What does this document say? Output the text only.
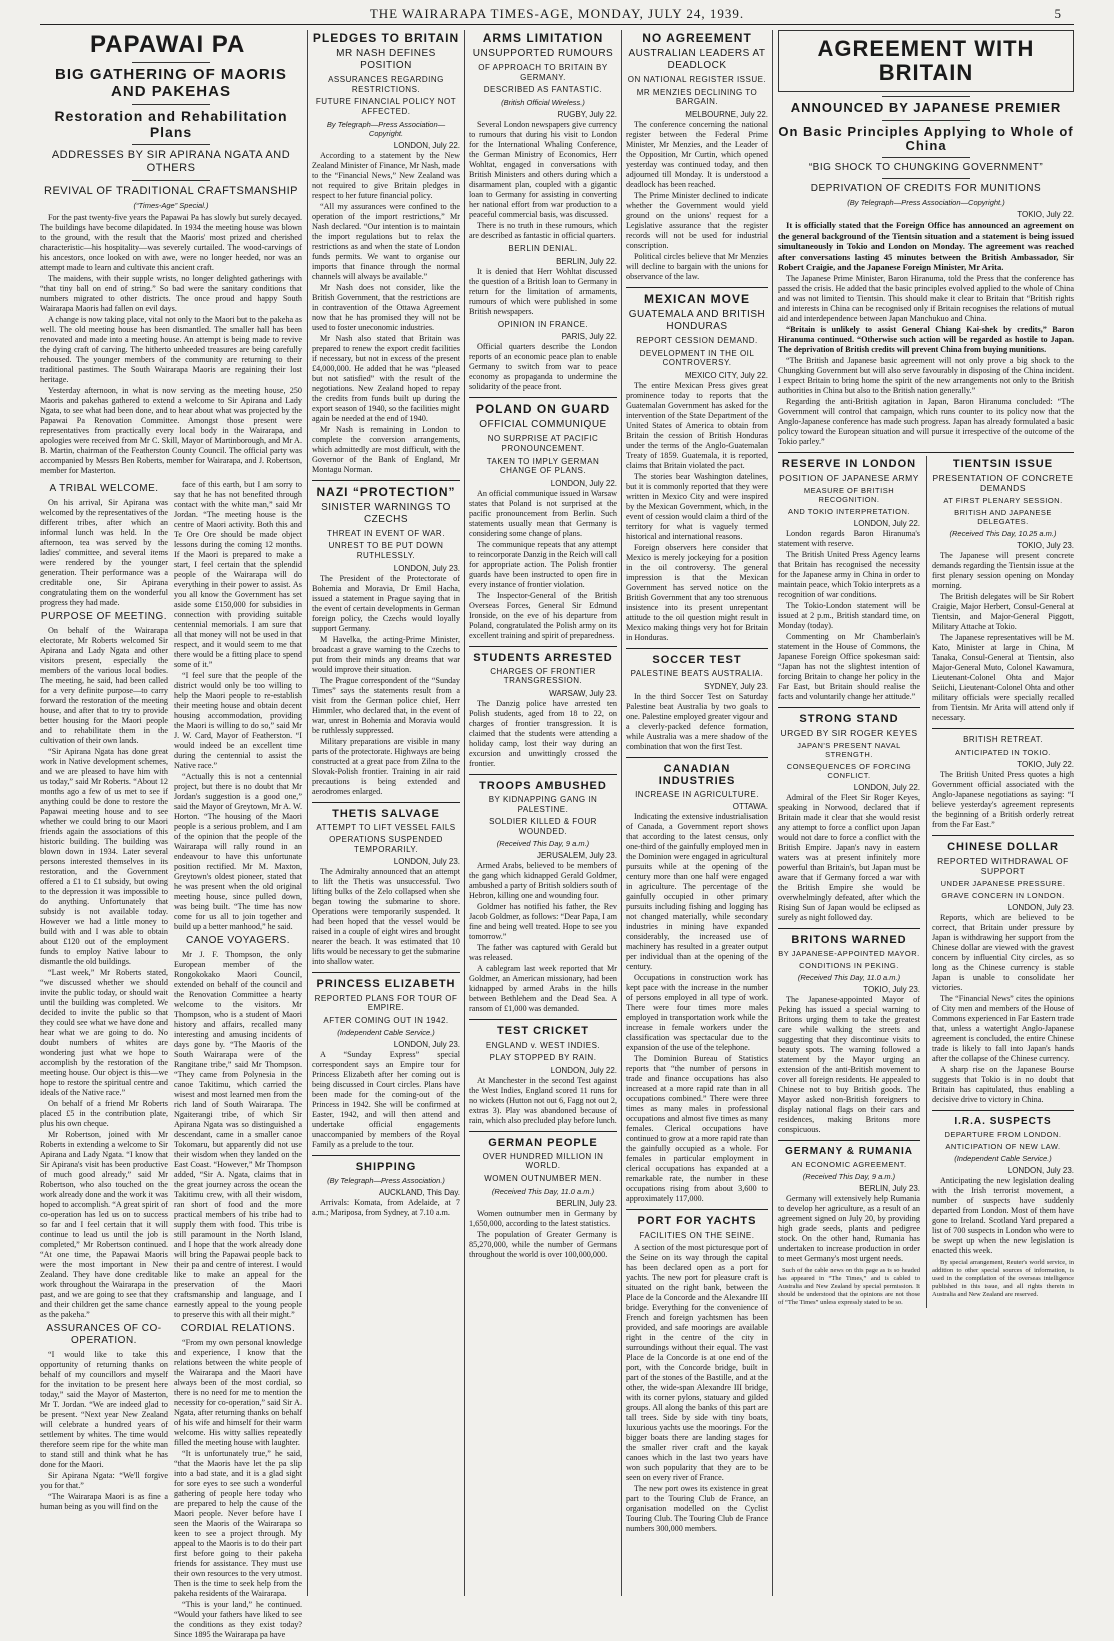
THE WAIRARAPA TIMES-AGE, MONDAY, JULY 24, 1939.	5
PAPAWAI PA
BIG GATHERING OF MAORIS AND PAKEHAS
Restoration and Rehabilitation Plans
ADDRESSES BY SIR APIRANA NGATA AND OTHERS
REVIVAL OF TRADITIONAL CRAFTSMANSHIP
(“Times-Age” Special.)

For the past twenty-five years the Papawai Pa has slowly but surely decayed. The buildings have become dilapidated. In 1934 the meeting house was blown to the ground, with the result that the Maoris' most prized and cherished characteristic—his hospitality—was severely curtailed. The wood-carvings of his ancestors, once looked on with awe, were no longer heeded, nor was an attempt made to learn and cultivate this ancient craft.

The maidens, with their supple wrists, no longer delighted gatherings with “that tiny ball on end of string.” So bad were the sanitary conditions that numbers migrated to other districts. The once proud and happy South Wairarapa Maoris had fallen on evil days.

A change is now taking place, vital not only to the Maori but to the pakeha as well. The old meeting house has been dismantled. The smaller hall has been renovated and made into a meeting house. An attempt is being made to revive the dying craft of carving. The hitherto unheeded treasures are being carefully rehoused. The younger members of the community are returning to their traditional pastimes. The South Wairarapa Maoris are regaining their lost heritage.

Yesterday afternoon, in what is now serving as the meeting house, 250 Maoris and pakehas gathered to extend a welcome to Sir Apirana and Lady Ngata, to see what had been done, and to hear about what was projected by the Papawai Pa Renovation Committee. Amongst those present were representatives from practically every local body in the Wairarapa, and apologies were received from Mr C. Skill, Mayor of Martinborough, and Mr A. B. Martin, chairman of the Featherston County Council. The official party was accompanied by Messrs Ben Roberts, member for Wairarapa, and J. Robertson, member for Masterton.

A TRIBAL WELCOME.

On his arrival, Sir Apirana was welcomed by the representatives of the different tribes, after which an informal lunch was held. In the afternoon, tea was served by the ladies' committee, and several items were rendered by the younger generation. Their performance was a creditable one, Sir Apirana congratulating them on the wonderful progress they had made.

PURPOSE OF MEETING.

On behalf of the Wairarapa electorate, Mr Roberts welcomed Sir Apirana and Lady Ngata and other visitors present, especially the members of the various local bodies. The meeting, he said, had been called for a very definite purpose—to carry forward the restoration of the meeting house, and after that to try to provide better housing for the Maori people and to rehabilitate them in the cultivation of their own lands.

“Sir Apirana Ngata has done great work in Native development schemes, and we are pleased to have him with us today,” said Mr Roberts. “About 12 months ago a few of us met to see if anything could be done to restore the Papawai meeting house and to see whether we could bring to our Maori friends again the associations of this historic building. The building was blown down in 1934. Later several persons interested themselves in its restoration, and the Government offered a £1 to £1 subsidy, but owing to the depression it was impossible to do anything. Unfortunately that subsidy is not available today. However we had a little money to build with and I was able to obtain about £120 out of the employment funds to employ Native labour to dismantle the old buildings.

“Last week,” Mr Roberts stated, “we discussed whether we should invite the public today, or should wait until the building was completed. We decided to invite the public so that they could see what we have done and hear what we are going to do. No doubt numbers of whites are wondering just what we hope to accomplish by the restoration of the meeting house. Our object is this—we hope to restore the spiritual centre and ideals of the Native race.”

On behalf of a friend Mr Roberts placed £5 in the contribution plate, plus his own cheque.

Mr Robertson, joined with Mr Roberts in extending a welcome to Sir Apirana and Lady Ngata. “I know that Sir Apirana's visit has been productive of much good already,” said Mr Robertson, who also touched on the work already done and the work it was hoped to accomplish. “A great spirit of co-operation has led us on to success so far and I feel certain that it will continue to lead us until the job is completed,” Mr Robertson continued. “At one time, the Papawai Maoris were the most important in New Zealand. They have done creditable work throughout the Wairarapa in the past, and we are going to see that they and their children get the same chance as the pakeha.”

ASSURANCES OF CO-OPERATION.

“I would like to take this opportunity of returning thanks on behalf of my councillors and myself for the invitation to be present here today,” said the Mayor of Masterton, Mr T. Jordan. “We are indeed glad to be present. “Next year New Zealand will celebrate a hundred years of settlement by whites. The time would therefore seem ripe for the white man to stand still and think what he has done for the Maori.

Sir Apirana Ngata: “We'll forgive you for that.”

“The Wairarapa Maori is as fine a human being as you will find on the

face of this earth, but I am sorry to say that he has not benefited through contact with the white man,” said Mr Jordan. “The meeting house is the centre of Maori activity. Both this and Te Ore Ore should be made object lessons during the coming 12 months. If the Maori is prepared to make a start, I feel certain that the splendid people of the Wairarapa will do everything in their power to assist. As you all know the Government has set aside some £150,000 for subsidies in connection with providing suitable centennial memorials. I am sure that all that money will not be used in that respect, and it would seem to me that there would be a fitting place to spend some of it.”

“I feel sure that the people of the district would only be too willing to help the Maori people to re-establish their meeting house and obtain decent housing accommodation, providing the Maori is willing to do so,” said Mr J. W. Card, Mayor of Featherston. “I would indeed be an excellent time during the centennial to assist the Native race.”

“Actually this is not a centennial project, but there is no doubt that Mr Jordan's suggestion is a good one,” said the Mayor of Greytown, Mr A. W. Horton. “The housing of the Maori people is a serious problem, and I am of the opinion that the people of the Wairarapa will rally round in an endeavour to have this unfortunate position rectified. Mr M. Maxton, Greytown's oldest pioneer, stated that he was present when the old original meeting house, since pulled down, was being built. “The time has now come for us all to join together and build up a better manhood,” he said.

CANOE VOYAGERS.

Mr J. F. Thompson, the only European member of the Rongokokako Maori Council, extended on behalf of the council and the Renovation Committee a hearty welcome to the visitors. Mr Thompson, who is a student of Maori history and affairs, recalled many interesting and amusing incidents of days gone by. “The Maoris of the South Wairarapa were of the Rangitane tribe,” said Mr Thompson. “They came from Polynesia in the canoe Takitimu, which carried the wisest and most learned men from the rich land of South Wairarapa. The Ngaiterangi tribe, of which Sir Apirana Ngata was so distinguished a descendant, came in a smaller canoe Tokomaru, but apparently did not use their wisdom when they landed on the East Coast. “However,” Mr Thompson added, “Sir A. Ngata, claims that in the great journey across the ocean the Takitimu crew, with all their wisdom, ran short of food and the more practical members of his tribe had to supply them with food. This tribe is still paramount in the North Island, and I hope that the work already done will bring the Papawai people back to their pa and centre of interest. I would like to make an appeal for the preservation of the Maori craftsmanship and language, and I earnestly appeal to the young people to preserve this with all their might.”

CORDIAL RELATIONS.

“From my own personal knowledge and experience, I know that the relations between the white people of the Wairarapa and the Maori have always been of the most cordial, so there is no need for me to mention the necessity for co-operation,” said Sir A. Ngata, after returning thanks on behalf of his wife and himself for their warm welcome. His witty sallies repeatedly filled the meeting house with laughter.

“It is unfortunately true,” he said, “that the Maoris have let the pa slip into a bad state, and it is a glad sight for sore eyes to see such a wonderful gathering of people here today who are prepared to help the cause of the Maori people. Never before have I seen the Maoris of the Wairarapa so keen to see a project through. My appeal to the Maoris is to do their part first before going to their pakeha friends for assistance. They must use their own resources to the very utmost. Then is the time to seek help from the pakeha residents of the Wairarapa.

“This is your land,” he continued. “Would your fathers have liked to see the conditions as they exist today? Since 1895 the Wairarapa pa have

PLEDGES TO BRITAIN
MR NASH DEFINES POSITION
ASSURANCES REGARDING RESTRICTIONS.
FUTURE FINANCIAL POLICY NOT AFFECTED.
By Telegraph—Press Association—Copyright.
LONDON, July 22.

According to a statement by the New Zealand Minister of Finance, Mr Nash, made to the “Financial News,” New Zealand was not required to give Britain pledges in respect to her future financial policy.

“All my assurances were confined to the operation of the import restrictions,” Mr Nash declared. “Our intention is to maintain the import regulations but to relax the restrictions as and when the state of London funds permits. We want to organise our imports that finance through the normal channels will always be available.”

Mr Nash does not consider, like the British Government, that the restrictions are in contravention of the Ottawa Agreement now that he has promised they will not be used to foster uneconomic industries.

Mr Nash also stated that Britain was prepared to renew the export credit facilities if necessary, but not in excess of the present £4,000,000. He added that he was “pleased but not satisfied” with the result of the negotiations. New Zealand hoped to repay the credits from funds built up during the export season of 1940, so the facilities might again be needed at the end of 1940.

Mr Nash is remaining in London to complete the conversion arrangements, which admittedly are most difficult, with the Governor of the Bank of England, Mr Montagu Norman.

NAZI “PROTECTION”
SINISTER WARNINGS TO CZECHS
THREAT IN EVENT OF WAR.
UNREST TO BE PUT DOWN RUTHLESSLY.
LONDON, July 23.

The President of the Protectorate of Bohemia and Moravia, Dr Emil Hacha, issued a statement in Prague saying that in the event of certain developments in German foreign policy, the Czechs would loyally support Germany.

M Havelka, the acting-Prime Minister, broadcast a grave warning to the Czechs to put from their minds any dreams that war would improve their situation.

The Prague correspondent of the “Sunday Times” says the statements result from a visit from the German police chief, Herr Himmler, who declared that, in the event of war, unrest in Bohemia and Moravia would be ruthlessly suppressed.

Military preparations are visible in many parts of the protectorate. Highways are being constructed at a great pace from Zilna to the Slovak-Polish frontier. Training in air raid precautions is being extended and aerodromes enlarged.

THETIS SALVAGE
ATTEMPT TO LIFT VESSEL FAILS
OPERATIONS SUSPENDED TEMPORARILY.
LONDON, July 23.

The Admiralty announced that an attempt to lift the Thetis was unsuccessful. Two lifting bulks of the Zelo collapsed when she began towing the submarine to shore. Operations were temporarily suspended. It had been hoped that the vessel would be raised in a couple of eight wires and brought nearer the beach. It was estimated that 10 lifts would be necessary to get the submarine into shallow water.

PRINCESS ELIZABETH
REPORTED PLANS FOR TOUR OF EMPIRE.
AFTER COMING OUT IN 1942.
(Independent Cable Service.)
LONDON, July 23.

A “Sunday Express” special correspondent says an Empire tour for Princess Elizabeth after her coming out is being discussed in Court circles. Plans have been made for the coming-out of the Princess in 1942. She will be confirmed at Easter, 1942, and will then attend and undertake official engagements unaccompanied by members of the Royal Family as a prelude to the tour.

SHIPPING
(By Telegraph—Press Association.)
AUCKLAND, This Day.

Arrivals: Komata, from Adelaide, at 7 a.m.; Mariposa, from Sydney, at 7.10 a.m.

ARMS LIMITATION
UNSUPPORTED RUMOURS
OF APPROACH TO BRITAIN BY GERMANY.
DESCRIBED AS FANTASTIC.
(British Official Wireless.)
RUGBY, July 22.

Several London newspapers give currency to rumours that during his visit to London for the International Whaling Conference, the German Ministry of Economics, Herr Wohltat, engaged in conversations with British Ministers and others during which a disarmament plan, coupled with a gigantic loan to Germany for assisting in converting her national effort from war production to a peaceful commercial basis, was discussed.

There is no truth in these rumours, which are described as fantastic in official quarters.

BERLIN DENIAL.
BERLIN, July 22.

It is denied that Herr Wohltat discussed the question of a British loan to Germany in return for the limitation of armaments, rumours of which were published in some British newspapers.

OPINION IN FRANCE.
PARIS, July 22.

Official quarters describe the London reports of an economic peace plan to enable Germany to switch from war to peace economy as propaganda to undermine the solidarity of the peace front.

POLAND ON GUARD
OFFICIAL COMMUNIQUE
NO SURPRISE AT PACIFIC PRONOUNCEMENT.
TAKEN TO IMPLY GERMAN CHANGE OF PLANS.
LONDON, July 22.

An official communique issued in Warsaw states that Poland is not surprised at the pacific pronouncement from Berlin. Such statements usually mean that Germany is considering some change of plans.

The communique repeats that any attempt to reincorporate Danzig in the Reich will call for appropriate action. The Polish frontier guards have been instructed to open fire in every instance of frontier violation.

The Inspector-General of the British Overseas Forces, General Sir Edmund Ironside, on the eve of his departure from Poland, congratulated the Polish army on its excellent training and spirit of preparedness.

STUDENTS ARRESTED
CHARGES OF FRONTIER TRANSGRESSION.
WARSAW, July 23.

The Danzig police have arrested ten Polish students, aged from 18 to 22, on charges of frontier transgression. It is claimed that the students were attending a holiday camp, lost their way during an excursion and unwittingly crossed the frontier.

TROOPS AMBUSHED
BY KIDNAPPING GANG IN PALESTINE.
SOLDIER KILLED & FOUR WOUNDED.
(Received This Day, 9 a.m.)
JERUSALEM, July 23.

Armed Arabs, believed to be members of the gang which kidnapped Gerald Goldmer, ambushed a party of British soldiers south of Hebron, killing one and wounding four.

Goldmer has notified his father, the Rev Jacob Goldmer, as follows: “Dear Papa, I am fine and being well treated. Hope to see you tomorrow.”

The father was captured with Gerald but was released.

A cablegram last week reported that Mr Goldmer, an American missionary, had been kidnapped by armed Arabs in the hills between Bethlehem and the Dead Sea. A ransom of £1,000 was demanded.

TEST CRICKET
ENGLAND v. WEST INDIES.
PLAY STOPPED BY RAIN.
LONDON, July 22.

At Manchester in the second Test against the West Indies, England scored 11 runs for no wickets (Hutton not out 6, Fagg not out 2, extras 3). Play was abandoned because of rain, which also precluded play before lunch.

GERMAN PEOPLE
OVER HUNDRED MILLION IN WORLD.
WOMEN OUTNUMBER MEN.
(Received This Day, 11.0 a.m.)
BERLIN, July 23.

Women outnumber men in Germany by 1,650,000, according to the latest statistics.

The population of Greater Germany is 85,270,000, while the number of Germans throughout the world is over 100,000,000.

NO AGREEMENT
AUSTRALIAN LEADERS AT DEADLOCK
ON NATIONAL REGISTER ISSUE.
MR MENZIES DECLINING TO BARGAIN.
MELBOURNE, July 22.

The conference concerning the national register between the Federal Prime Minister, Mr Menzies, and the Leader of the Opposition, Mr Curtin, which opened yesterday was continued today, and then adjourned till Monday. It is understood a deadlock has been reached.

The Prime Minister declined to indicate whether the Government would yield ground on the unions' request for a Legislative assurance that the register records will not be used for industrial conscription.

Political circles believe that Mr Menzies will decline to bargain with the unions for observance of the law.

MEXICAN MOVE
GUATEMALA AND BRITISH HONDURAS
REPORT CESSION DEMAND.
DEVELOPMENT IN THE OIL CONTROVERSY.
MEXICO CITY, July 22.

The entire Mexican Press gives great prominence today to reports that the Guatemalan Government has asked for the intervention of the State Department of the United States of America to obtain from Britain the cession of British Honduras under the terms of the Anglo-Guatemalan Treaty of 1859. Guatemala, it is reported, claims that Britain violated the pact.

The stories bear Washington datelines, but it is commonly reported that they were written in Mexico City and were inspired by the Mexican Government, which, in the event of cession would claim a third of the territory for what is vaguely termed historical and international reasons.

Foreign observers here consider that Mexico is merely jockeying for a position in the oil controversy. The general impression is that the Mexican Government has served notice on the British Government that any too strenuous insistence into its present unrepentant attitude to the oil question might result in Mexico making things very hot for Britain in Honduras.

SOCCER TEST
PALESTINE BEATS AUSTRALIA.
SYDNEY, July 23.

In the third Soccer Test on Saturday Palestine beat Australia by two goals to one. Palestine employed greater vigour and a cleverly-packed defence formation, while Australia was a mere shadow of the combination that won the first Test.

CANADIAN INDUSTRIES
INCREASE IN AGRICULTURE.
OTTAWA.

Indicating the extensive industrialisation of Canada, a Government report shows that according to the latest census, only one-third of the gainfully employed men in the Dominion were engaged in agricultural pursuits while at the opening of the century more than one half were engaged in agriculture. The percentage of the gainfully occupied in other primary pursuits including fishing and logging has not changed materially, while secondary industries in mining have expanded considerably, the increased use of machinery has resulted in a greater output per individual than at the opening of the century.

Occupations in construction work has kept pace with the increase in the number of persons employed in all type of work. There were four times more males employed in transportation work while the increase in female workers under the classification was spectacular due to the expansion of the use of the telephone.

The Dominion Bureau of Statistics reports that “the number of persons in trade and finance occupations has also increased at a more rapid rate than in all occupations combined.” There were three times as many males in professional occupations and almost five times as many females. Clerical occupations have continued to grow at a more rapid rate than the gainfully occupied as a whole. For females in particular employment in clerical occupations has expanded at a remarkable rate, the number in these occupations rising from about 3,600 to approximately 117,000.

PORT FOR YACHTS
FACILITIES ON THE SEINE.

A section of the most picturesque port of the Seine on its way through the capital has been declared open as a port for yachts. The new port for pleasure craft is situated on the right bank, between the Place de la Concorde and the Alexandre III bridge. Everything for the convenience of French and foreign yachtsmen has been provided, and safe moorings are available right in the centre of the city in surroundings without their equal. The vast Place de la Concorde is at one end of the port, with the Concorde bridge, built in part of the stones of the Bastille, and at the other, the wide-span Alexandre III bridge, with its corner pylons, statuary and gilded groups. All along the banks of this part are tall trees. Side by side with tiny boats, luxurious yachts use the moorings. For the bigger boats there are landing stages for the smaller river craft and the kayak canoes which in the last two years have won such popularity that they are to be seen on every river of France.

The new port owes its existence in great part to the Touring Club de France, an organisation modelled on the Cyclist Touring Club. The Touring Club de France numbers 300,000 members.

AGREEMENT WITH BRITAIN
ANNOUNCED BY JAPANESE PREMIER
On Basic Principles Applying to Whole of China
“BIG SHOCK TO CHUNGKING GOVERNMENT”
DEPRIVATION OF CREDITS FOR MUNITIONS
(By Telegraph—Press Association—Copyright.)
TOKIO, July 22.

It is officially stated that the Foreign Office has announced an agreement on the general background of the Tientsin situation and a statement is being issued simultaneously in Tokio and London on Monday. The agreement was reached after conversations lasting 45 minutes between the British Ambassador, Sir Robert Craigie, and the Japanese Foreign Minister, Mr Arita.

The Japanese Prime Minister, Baron Hiranuma, told the Press that the conference has passed the crisis. He added that the basic principles evolved applied to the whole of China and was not limited to Tientsin. This should make it clear to Britain that “British rights and interests in China can be recognised only if Britain recognises the relations of mutual aid and interdependence between Japan Manchukuo and China.

“Britain is unlikely to assist General Chiang Kai-shek by credits,” Baron Hiranuma continued. “Otherwise such action will be regarded as hostile to Japan. The deprivation of British credits will prevent China from buying munitions.

“The British and Japanese basic agreement will not only prove a big shock to the Chungking Government but will also serve favourably in disposing of the China incident. I expect Britain to bring home the spirit of the new arrangements not only to the British authorities in China but also to the British nation generally.”

Regarding the anti-British agitation in Japan, Baron Hiranuma concluded: “The Government will control that campaign, which runs counter to its policy now that the Anglo-Japanese conference has made such progress. Japan has already formulated a basic policy toward the European situation and will pursue it irrespective of the outcome of the Tokio parley.”

RESERVE IN LONDON
POSITION OF JAPANESE ARMY
MEASURE OF BRITISH RECOGNITION.
AND TOKIO INTERPRETATION.
LONDON, July 22.

London regards Baron Hiranuma's statement with reserve.

The British United Press Agency learns that Britain has recognised the necessity for the Japanese army in China in order to maintain peace, which Tokio interprets as a recognition of war conditions.

The Tokio-London statement will be issued at 2 p.m., British standard time, on Monday (today).

Commenting on Mr Chamberlain's statement in the House of Commons, the Japanese Foreign Office spokesman said: “Japan has not the slightest intention of forcing Britain to change her policy in the Far East, but Britain should realise the facts and voluntarily change her attitude.”

STRONG STAND
URGED BY SIR ROGER KEYES
JAPAN'S PRESENT NAVAL STRENGTH.
CONSEQUENCES OF FORCING CONFLICT.
LONDON, July 22.

Admiral of the Fleet Sir Roger Keyes, speaking in Norwood, declared that if Britain made it clear that she would resist any attempt to force a conflict upon Japan would not dare to force a conflict with the British Empire. Japan's navy in eastern waters was at present infinitely more powerful than Britain's, but Japan must be aware that if Germany forced a war with the British Empire she would be overwhelmingly defeated, after which the Rising Sun of Japan would be eclipsed as surely as night followed day.

BRITONS WARNED
BY JAPANESE-APPOINTED MAYOR.
CONDITIONS IN PEKING.
(Received This Day, 11.0 a.m.)
TOKIO, July 23.

The Japanese-appointed Mayor of Peking has issued a special warning to Britons urging them to take the greatest care while walking the streets and suggesting that they discontinue visits to beauty spots. The warning followed a statement by the Mayor urging an extension of the anti-British movement to cover all foreign residents. He appealed to Chinese not to buy British goods. The Mayor asked non-British foreigners to display national flags on their cars and residences, making Britons more conspicuous.

GERMANY & RUMANIA
AN ECONOMIC AGREEMENT.
(Received This Day, 9 a.m.)
BERLIN, July 23.

Germany will extensively help Rumania to develop her agriculture, as a result of an agreement signed on July 20, by providing high grade seeds, plants and pedigree stock. On the other hand, Rumania has undertaken to increase production in order to meet Germany's most urgent needs.

Such of the cable news on this page as is so headed has appeared in “The Times,” and is cabled to Australia and New Zealand by special permission. It should be understood that the opinions are not those of “The Times” unless expressly stated to be so.

TIENTSIN ISSUE
PRESENTATION OF CONCRETE DEMANDS
AT FIRST PLENARY SESSION.
BRITISH AND JAPANESE DELEGATES.
(Received This Day, 10.25 a.m.)
TOKIO, July 23.

The Japanese will present concrete demands regarding the Tientsin issue at the first plenary session opening on Monday morning.

The British delegates will be Sir Robert Craigie, Major Herbert, Consul-General at Tientsin, and Major-General Piggott, Military Attache at Tokio.

The Japanese representatives will be M. Kato, Minister at large in China, M Tanaka, Consul-General at Tientsin, also Major-General Muto, Colonel Kawamura, Lieutenant-Colonel Ohta and Major Seiichi, Lieutenant-Colonel Ohta and other military officials were specially recalled from Tientsin. Mr Arita will attend only if necessary.

BRITISH RETREAT.
ANTICIPATED IN TOKIO.
TOKIO, July 22.

The British United Press quotes a high Government official associated with the Anglo-Japanese negotiations as saying: “I believe yesterday's agreement represents the beginning of a British orderly retreat from the Far East.”

CHINESE DOLLAR
REPORTED WITHDRAWAL OF SUPPORT
UNDER JAPANESE PRESSURE.
GRAVE CONCERN IN LONDON.
LONDON, July 23.

Reports, which are believed to be correct, that Britain under pressure by Japan is withdrawing her support from the Chinese dollar are viewed with the gravest concern by influential City circles, as so long as the Chinese currency is stable Japan is unable to consolidate her victories.

The “Financial News” cites the opinions of City men and members of the House of Commons experienced in Far Eastern trade that, unless a watertight Anglo-Japanese agreement is concluded, the entire Chinese trade is likely to fall into Japan's hands after the collapse of the Chinese currency.

A sharp rise on the Japanese Bourse suggests that Tokio is in no doubt that Britain has capitulated, thus enabling a decisive drive to victory in China.

I.R.A. SUSPECTS
DEPARTURE FROM LONDON.
ANTICIPATION OF NEW LAW.
(Independent Cable Service.)
LONDON, July 23.

Anticipating the new legislation dealing with the Irish terrorist movement, a number of suspects have suddenly departed from London. Most of them have gone to Ireland. Scotland Yard prepared a list of 700 suspects in London who were to be swept up when the new legislation is enacted this week.

By special arrangement, Reuter's world service, in addition to other special sources of information, is used in the compilation of the overseas intelligence published in this issue, and all rights therein in Australia and New Zealand are reserved.
